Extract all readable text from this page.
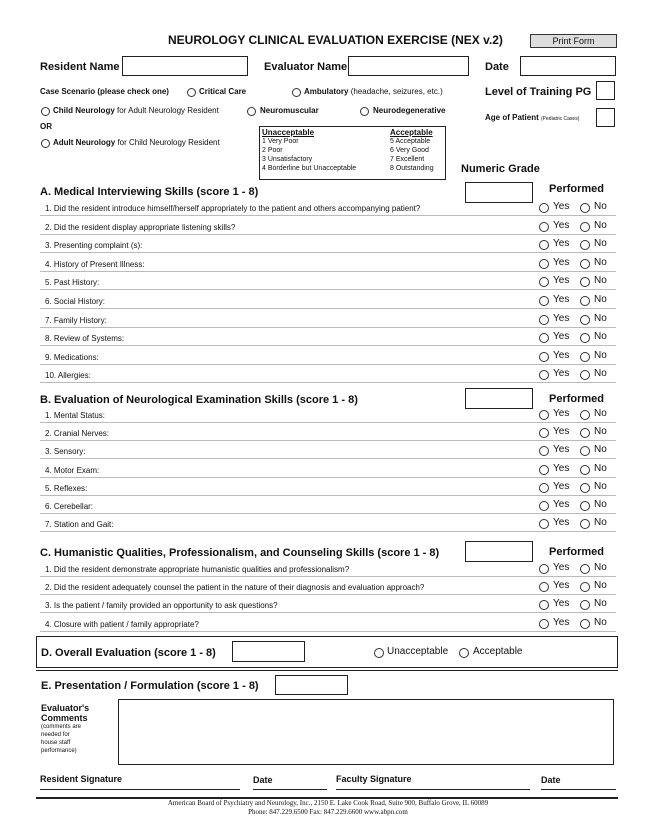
NEUROLOGY CLINICAL EVALUATION EXERCISE (NEX v.2)	Print Form
Resident Name	Evaluator Name	Date
Case Scenario (please check one)	Critical Care	Ambulatory (headache, seizures, etc.)	Level of Training PG
Child Neurology for Adult Neurology Resident	Neuromuscular	Neurodegenerative
Age of Patient (Pediatric Cases)
OR
Adult Neurology for Child Neurology Resident
Unacceptable
1 Very Poor
2 Poor
3 Unsatisfactory
4 Borderline but Unacceptable
Acceptable
5 Acceptable
6 Very Good
7 Excellent
8 Outstanding Numeric Grade
A. Medical Interviewing Skills (score 1 - 8)	Performed
1. Did the resident introduce himself/herself appropriately to the patient and others accompanying patient?	Yes No
2. Did the resident display appropriate listening skills?	Yes No
3. Presenting complaint (s):	Yes No
4. History of Present Illness:	Yes No
5. Past History:	Yes No
6. Social History:	Yes No
7. Family History:	Yes No
8. Review of Systems:	Yes No
9. Medications:	Yes No
10. Allergies:	Yes No
B. Evaluation of Neurological Examination Skills (score 1 - 8)	Performed
1. Mental Status:	Yes No
2. Cranial Nerves:	Yes No
3. Sensory:	Yes No
4. Motor Exam:	Yes No
5. Reflexes:	Yes No
6. Cerebellar:	Yes No
7. Station and Gait:	Yes No
C. Humanistic Qualities, Professionalism, and Counseling Skills (score 1 - 8)	Performed
1. Did the resident demonstrate appropriate humanistic qualities and professionalism?	Yes No
2. Did the resident adequately counsel the patient in the nature of their diagnosis and evaluation approach?	Yes No
3. Is the patient / family provided an opportunity to ask questions?	Yes No
4. Closure with patient / family appropriate?	Yes No
D. Overall Evaluation (score 1 - 8)	Unacceptable Acceptable
E. Presentation / Formulation (score 1 - 8)
Evaluator's
Comments
(comments are
needed for
house staff
performance)
Resident Signature	Date	Faculty Signature	Date
American Board of Psychiatry and Neurology, Inc., 2150 E. Lake Cook Road, Suite 900, Buffalo Grove, IL 60089
Phone: 847.229.6500 Fax: 847.229.6600 www.abpn.com
